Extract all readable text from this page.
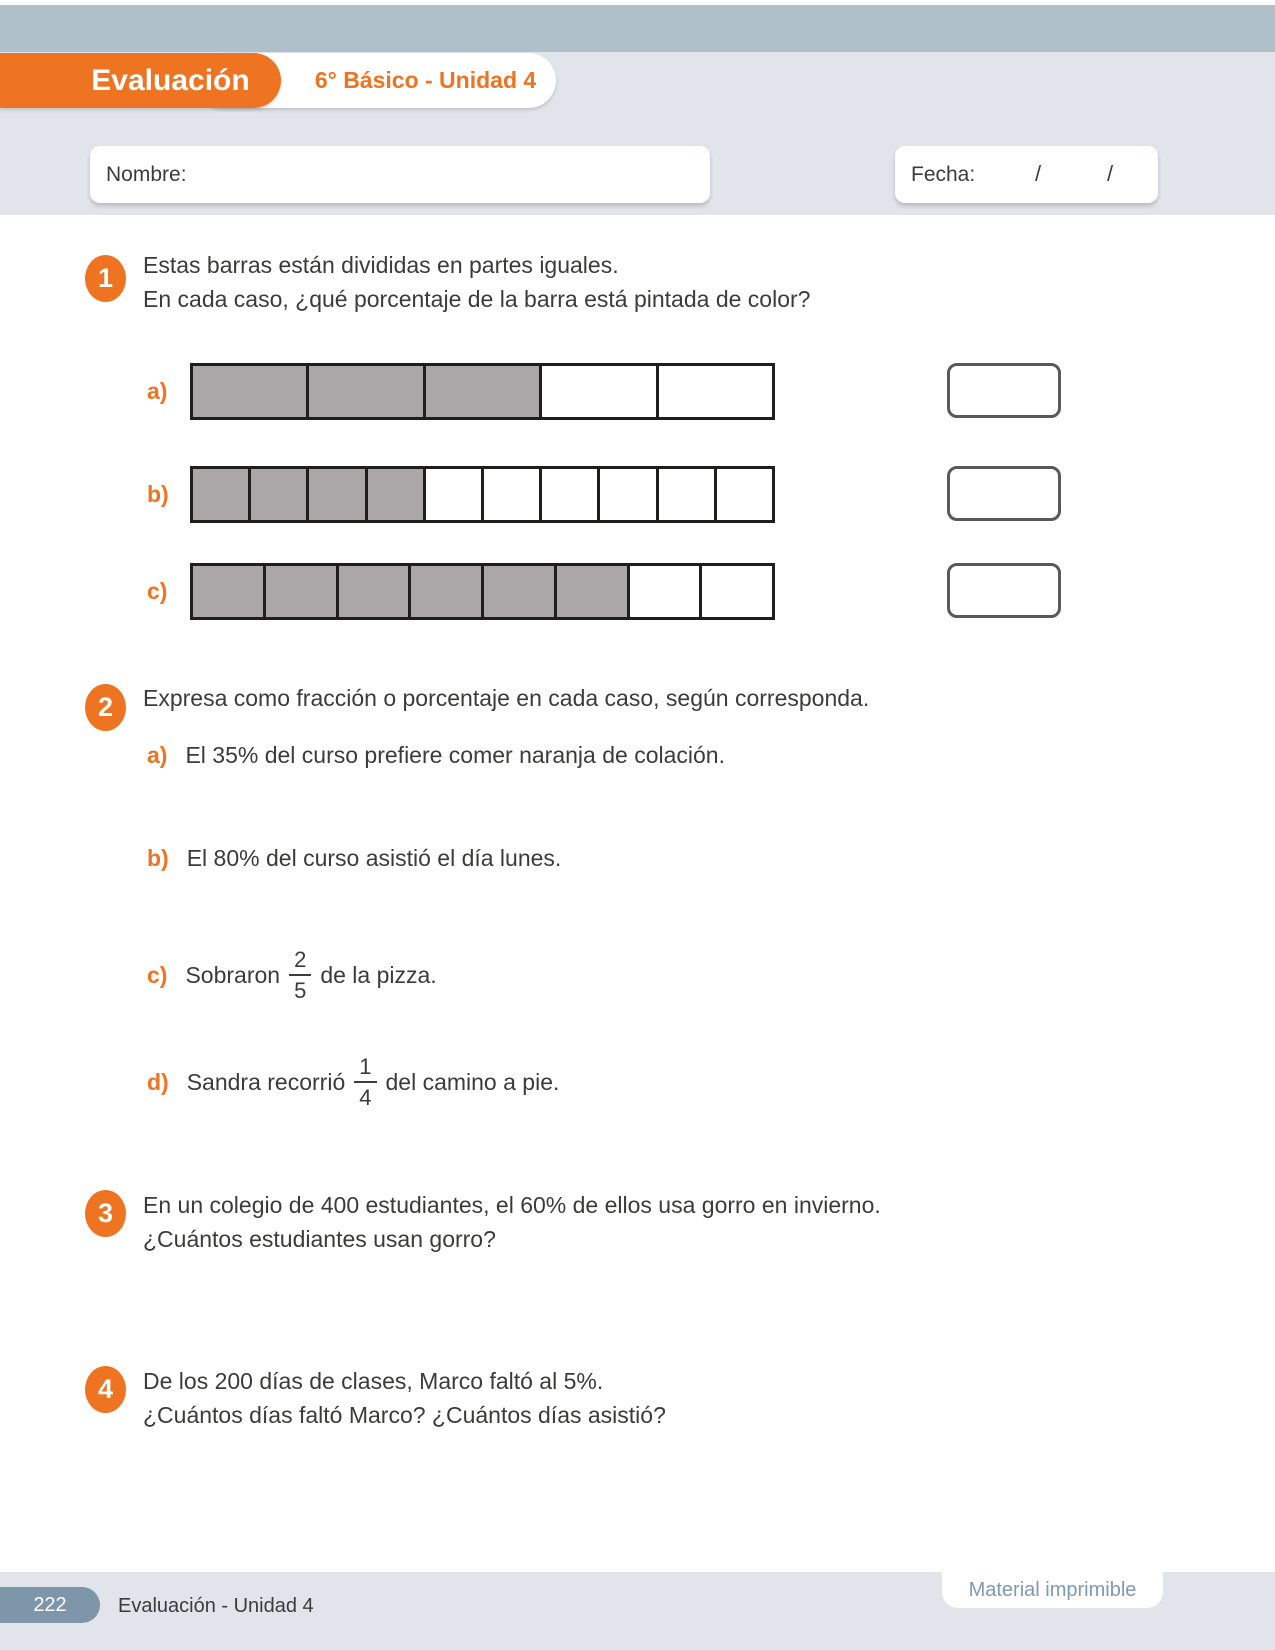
6° Básico - Unidad 4
Evaluación
Nombre:	Fecha:	/	/
1	Estas barras están divididas en partes iguales.
En cada caso, ¿qué porcentaje de la barra está pintada de color?
a)
b)
c)
2	Expresa como fracción o porcentaje en cada caso, según corresponda.
a) El 35% del curso prefiere comer naranja de colación.
b) El 80% del curso asistió el día lunes.
c) Sobraron $\frac{2}{5}$ de la pizza.
d) Sandra recorrió $\frac{1}{4}$ del camino a pie.
3	En un colegio de 400 estudiantes, el 60% de ellos usa gorro en invierno.
¿Cuántos estudiantes usan gorro?
4	De los 200 días de clases, Marco faltó al 5%.
¿Cuántos días faltó Marco? ¿Cuántos días asistió?
222	Evaluación - Unidad 4
Material imprimible
